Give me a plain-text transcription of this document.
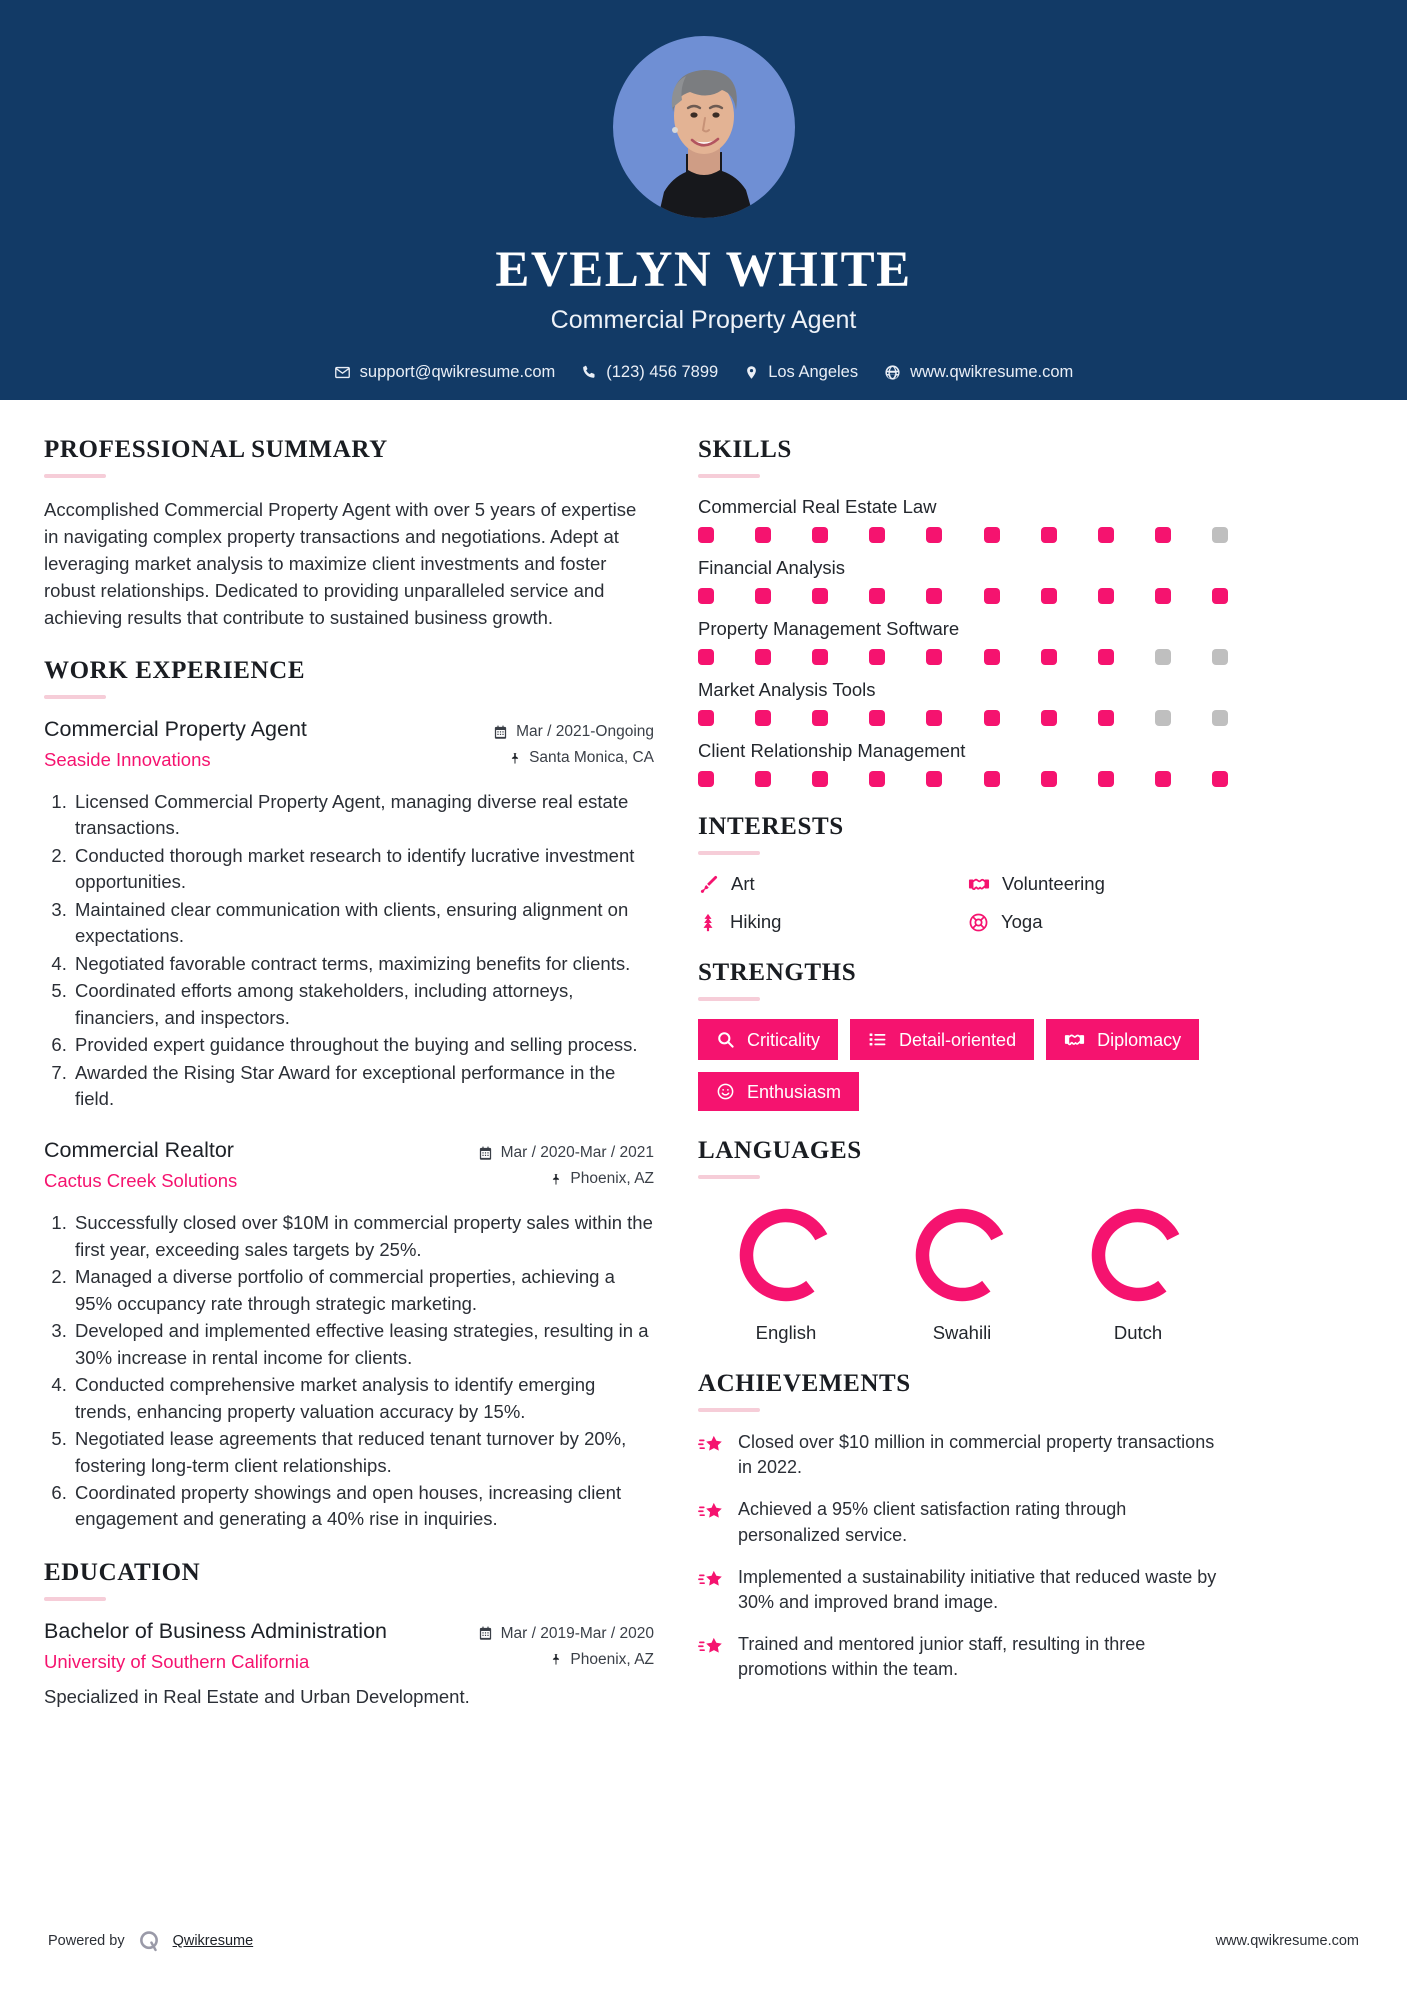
EVELYN WHITE
Commercial Property Agent
support@qwikresume.com	(123) 456 7899	Los Angeles	www.qwikresume.com
PROFESSIONAL SUMMARY
Accomplished Commercial Property Agent with over 5 years of expertise in navigating complex property transactions and negotiations. Adept at leveraging market analysis to maximize client investments and foster robust relationships. Dedicated to providing unparalleled service and achieving results that contribute to sustained business growth.
WORK EXPERIENCE
Commercial Property Agent
Seaside Innovations
Mar / 2021-Ongoing
Santa Monica, CA
1. Licensed Commercial Property Agent, managing diverse real estate transactions.
2. Conducted thorough market research to identify lucrative investment opportunities.
3. Maintained clear communication with clients, ensuring alignment on expectations.
4. Negotiated favorable contract terms, maximizing benefits for clients.
5. Coordinated efforts among stakeholders, including attorneys, financiers, and inspectors.
6. Provided expert guidance throughout the buying and selling process.
7. Awarded the Rising Star Award for exceptional performance in the field.
Commercial Realtor
Cactus Creek Solutions
Mar / 2020-Mar / 2021
Phoenix, AZ
1. Successfully closed over $10M in commercial property sales within the first year, exceeding sales targets by 25%.
2. Managed a diverse portfolio of commercial properties, achieving a 95% occupancy rate through strategic marketing.
3. Developed and implemented effective leasing strategies, resulting in a 30% increase in rental income for clients.
4. Conducted comprehensive market analysis to identify emerging trends, enhancing property valuation accuracy by 15%.
5. Negotiated lease agreements that reduced tenant turnover by 20%, fostering long-term client relationships.
6. Coordinated property showings and open houses, increasing client engagement and generating a 40% rise in inquiries.
EDUCATION
Bachelor of Business Administration
University of Southern California
Mar / 2019-Mar / 2020
Phoenix, AZ
Specialized in Real Estate and Urban Development.
SKILLS
Commercial Real Estate Law
Financial Analysis
Property Management Software
Market Analysis Tools
Client Relationship Management
INTERESTS
Art	Volunteering
Hiking	Yoga
STRENGTHS
Criticality	Detail-oriented	Diplomacy
Enthusiasm
LANGUAGES
English	Swahili	Dutch
ACHIEVEMENTS
Closed over $10 million in commercial property transactions in 2022.
Achieved a 95% client satisfaction rating through personalized service.
Implemented a sustainability initiative that reduced waste by 30% and improved brand image.
Trained and mentored junior staff, resulting in three promotions within the team.
Powered by	Qwikresume	www.qwikresume.com
